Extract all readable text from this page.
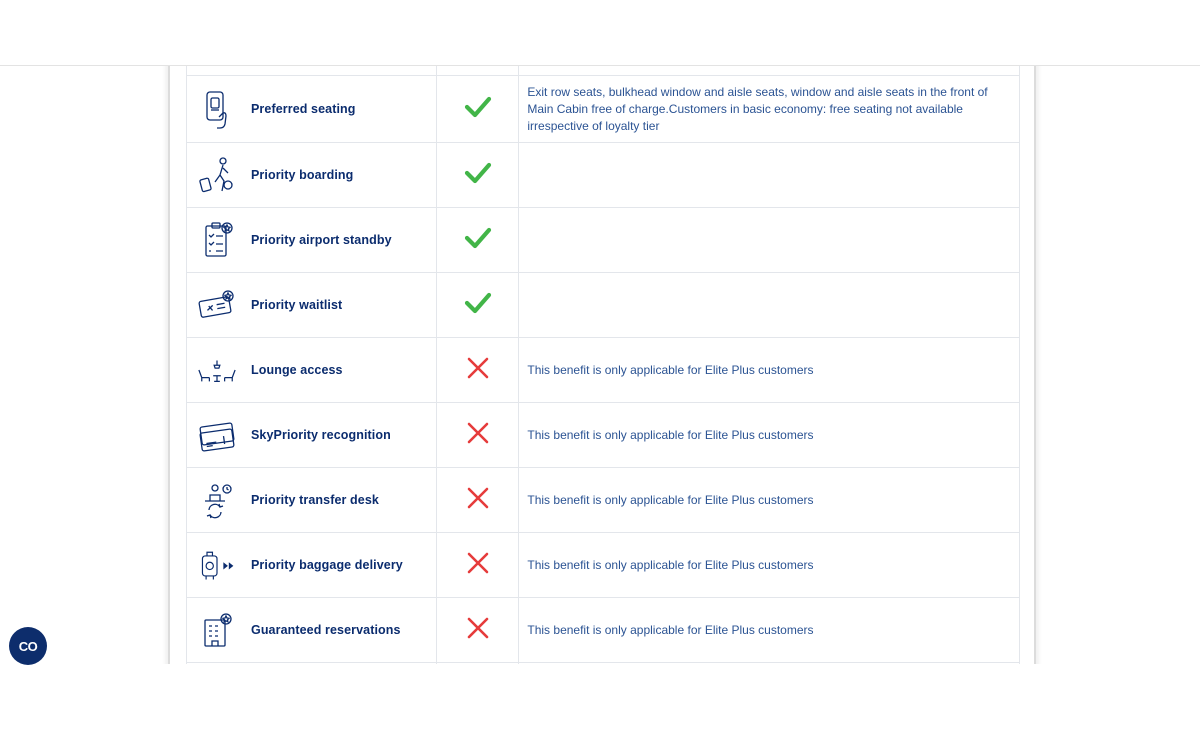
Preferred seating		Exit row seats, bulkhead window and aisle seats, window and aisle seats in the front of Main Cabin free of charge.Customers in basic economy: free seating not available irrespective of loyalty tier

Priority boarding

Priority airport standby

Priority waitlist

Lounge access		This benefit is only applicable for Elite Plus customers

SkyPriority recognition		This benefit is only applicable for Elite Plus customers

Priority transfer desk		This benefit is only applicable for Elite Plus customers

Priority baggage delivery		This benefit is only applicable for Elite Plus customers

Guaranteed reservations		This benefit is only applicable for Elite Plus customers

CO
